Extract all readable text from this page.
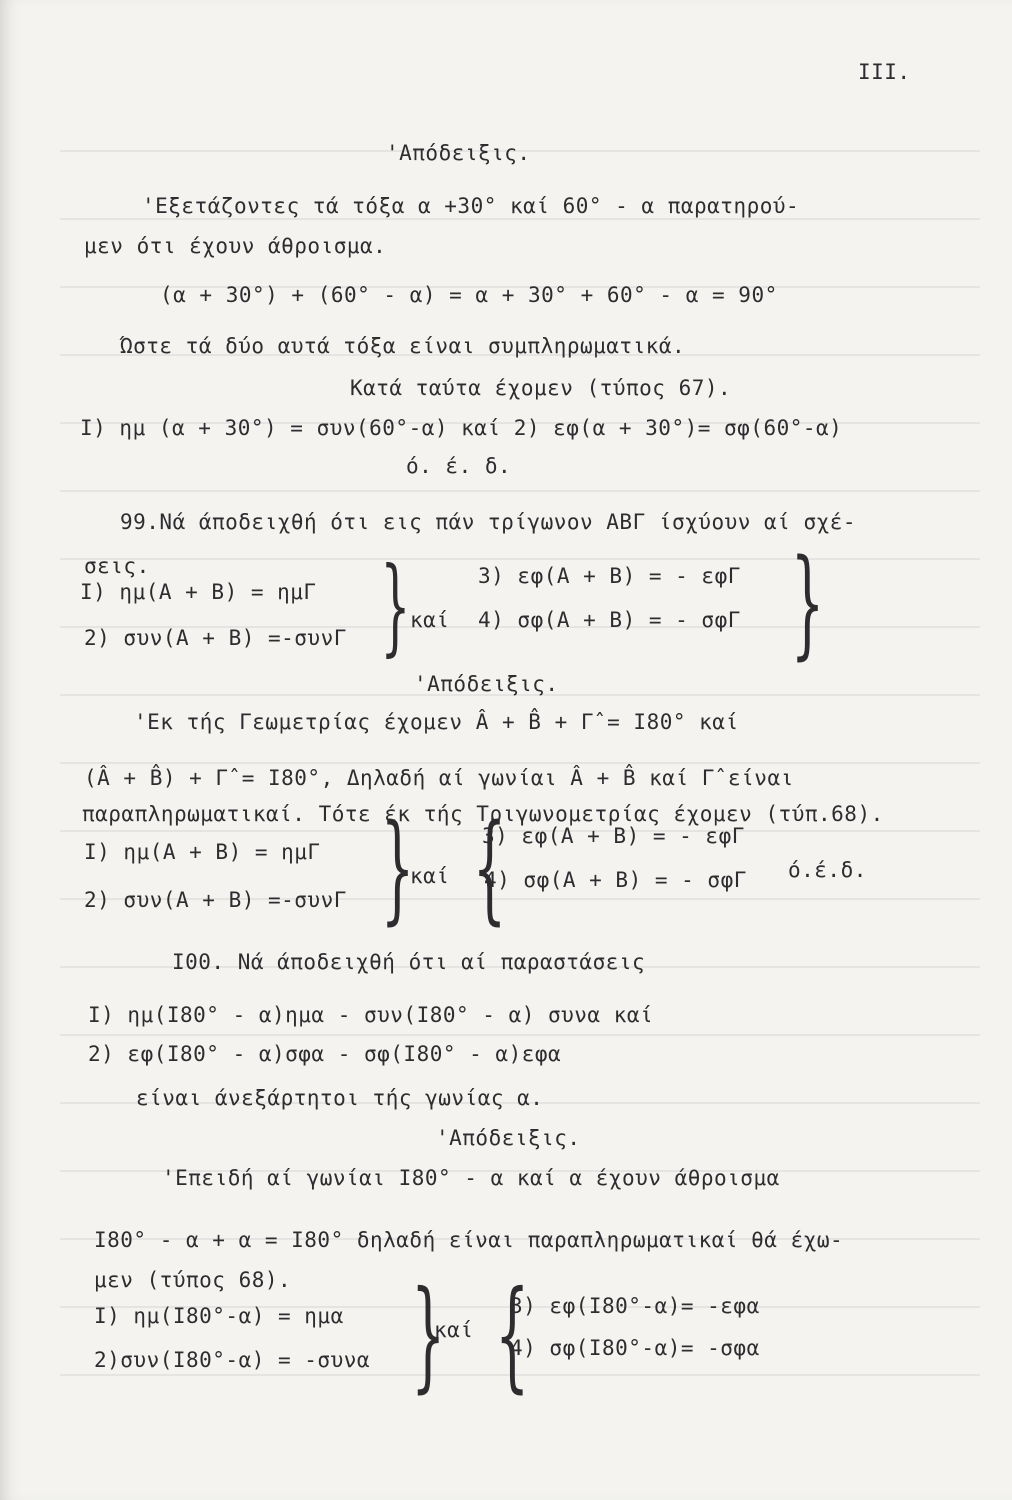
III.
'Απόδειξις.
'Εξετάζοντες τά τόξα α +30° καί 60° - α παρατηρού-
μεν ότι έχουν άθροισμα.
(α + 30°) + (60° - α) = α + 30° + 60° - α = 90°
Ώστε τά δύο αυτά τόξα είναι συμπληρωματικά.
Κατά ταύτα έχομεν (τύπος 67).
I) ημ (α + 30°) = συν(60°-α) καί 2) εφ(α + 30°)= σφ(60°-α)
ό. έ. δ.
99.Νά άποδειχθή ότι εις πάν τρίγωνον ΑΒΓ ίσχύουν αί σχέ-
σεις.
I) ημ(Α + Β) = ημΓ }	3) εφ(Α + Β) = - εφΓ
καί
2) συν(Α + Β) =-συνΓ
4) σφ(Α + Β) = - σφΓ }
'Απόδειξις.
'Εκ τής Γεωμετρίας έχομεν Â + B̂ + Γ̂ = I80° καί
(Â + B̂) + Γ̂ = I80°, Δηλαδή αί γωνίαι Â + B̂ καί Γ̂ είναι
παραπληρωματικαί. Τότε έκ τής Τριγωνομετρίας έχομεν (τύπ.68).
I) ημ(Α + Β) = ημΓ } {
3) εφ(Α + Β) = - εφΓ
καί	ό.έ.δ.
2) συν(Α + Β) =-συνΓ
4) σφ(Α + Β) = - σφΓ
I00. Νά άποδειχθή ότι αί παραστάσεις
I) ημ(I80° - α)ημα - συν(I80° - α) συνα καί
2) εφ(I80° - α)σφα - σφ(I80° - α)εφα
είναι άνεξάρτητοι τής γωνίας α.
'Απόδειξις.
'Επειδή αί γωνίαι I80° - α καί α έχουν άθροισμα
I80° - α + α = I80° δηλαδή είναι παραπληρωματικαί θά έχω-
μεν (τύπος 68).
I) ημ(I80°-α) = ημα } {
3) εφ(I80°-α)= -εφα
καί
2)συν(I80°-α) = -συνα	4) σφ(I80°-α)= -σφα
